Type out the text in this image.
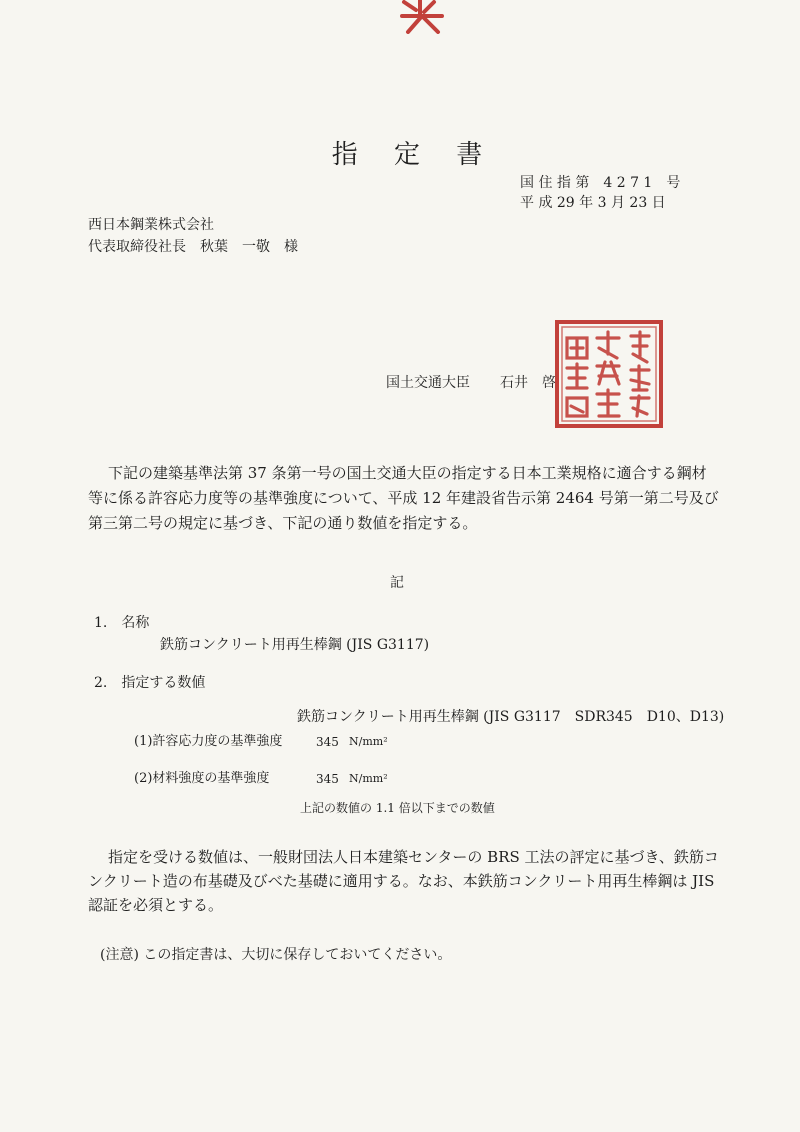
指 定 書
国 住 指 第　4 2 7 1　号
平 成 29 年 3 月 23 日
西日本鋼業株式会社
代表取締役社長　秋葉　一敬　様
国土交通大臣 石井　啓
下記の建築基準法第 37 条第一号の国土交通大臣の指定する日本工業規格に適合する鋼材
等に係る許容応力度等の基準強度について、平成 12 年建設省告示第 2464 号第一第二号及び
第三第二号の規定に基づき、下記の通り数値を指定する。
記
1.　名称
鉄筋コンクリート用再生棒鋼 (JIS G3117)
2.　指定する数値
鉄筋コンクリート用再生棒鋼 (JIS G3117　SDR345　D10、D13)
(1)許容応力度の基準強度	345 N/mm²
(2)材料強度の基準強度	345 N/mm²
上記の数値の 1.1 倍以下までの数値
指定を受ける数値は、一般財団法人日本建築センターの BRS 工法の評定に基づき、鉄筋コ
ンクリート造の布基礎及びべた基礎に適用する。なお、本鉄筋コンクリート用再生棒鋼は JIS
認証を必須とする。
(注意) この指定書は、大切に保存しておいてください。
